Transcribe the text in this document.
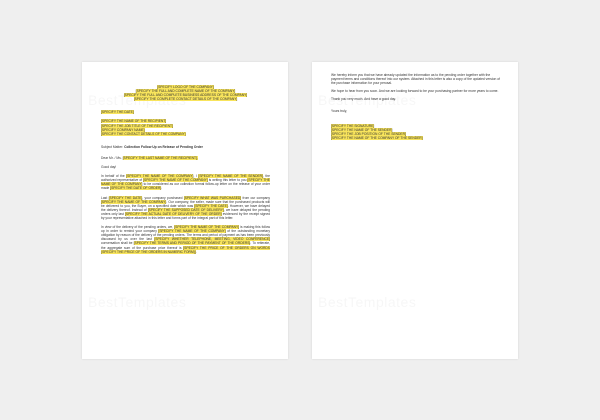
[SPECIFY LOGO OF THE COMPANY]
[SPECIFY THE FULL AND COMPLETE NAME OF THE COMPANY]
[SPECIFY THE FULL AND COMPLETE BUSINESS ADDRESS OF THE COMPANY]
[SPECIFY THE COMPLETE CONTACT DETAILS OF THE COMPANY]
[SPECIFY THE DATE]
[SPECIFY THE NAME OF THE RECIPIENT]
[SPECIFY THE JOB TITLE OF THE RECIPIENT]
[SPECIFY COMPANY NAME]
[SPECIFY THE CONTACT DETAILS OF THE COMPANY]
Subject Matter: Collection Follow Up on Release of Pending Order
Dear Mr. / Ms. [SPECIFY THE LAST NAME OF THE RECIPIENT],
Good day!
In behalf of the [SPECIFY THE NAME OF THE COMPANY], I [SPECIFY THE NAME OF THE SENDER], the authorized representative of [SPECIFY THE NAME OF THE COMPANY] is writing this letter to you [SPECIFY THE NAME OF THE COMPANY] to be considered as our collection formal follow-up letter on the release of your order made [SPECIFY THE DATE OF ORDER].
Last [SPECIFY THE DATE], your company purchased [SPECIFY WHAT WAS PURCHASED] from our company [SPECIFY THE NAME OF THE COMPANY]. Our company, the seller, made sure that the purchased products will be delivered to you, the Buyer, on a specified date which was [SPECIFY THE DATE]. However, we have delayed the delivery thereof. Instead of [SPECIFY THE SUPPOSED DATE OF DELIVERY], we have delayed the pending orders only last [SPECIFY THE ACTUAL DATE OF DELIVERY OF THE ORDER] evidenced by the receipt signed by your representative attached in this letter and forms part of the integral part of this letter.
In view of the delivery of the pending orders, we, [SPECIFY THE NAME OF THE COMPANY] is making this follow up in order to remind your company [SPECIFY THE NAME OF THE COMPANY] of the outstanding monetary obligation by reason of the delivery of the pending orders. The terms and period of payment as has been previously discussed by us over the last [SPECIFY WHETHER TELEPHONE, MEETING, VIDEO CONFERENCE] conversation shall be [SPECIFY THE TERMS AND PERIOD OF THE PAYMENT OF THE ORDERS]. To reiterate, the aggregate sum of the purchase price thereof is [SPECIFY THE PRICE OF THE ORDERS ON WORDS (SPECIFY THE PRICE OF THE ORDERS IN NUMERIC FORM)].
We hereby inform you that we have already updated the information as to the pending order together with the payment terms and conditions thereof into our system. Attached in this letter is also a copy of the updated version of the purchase information for your perusal.
We hope to hear from you soon. And we are looking forward to be your purchasing partner for more years to come.
Thank you very much. And have a good day.
Yours truly,
[SPECIFY THE SIGNATURE]
[SPECIFY THE NAME OF THE SENDER]
[SPECIFY THE JOB POSITION OF THE SENDER]
[SPECIFY THE NAME OF THE COMPANY OF THE SENDER]
